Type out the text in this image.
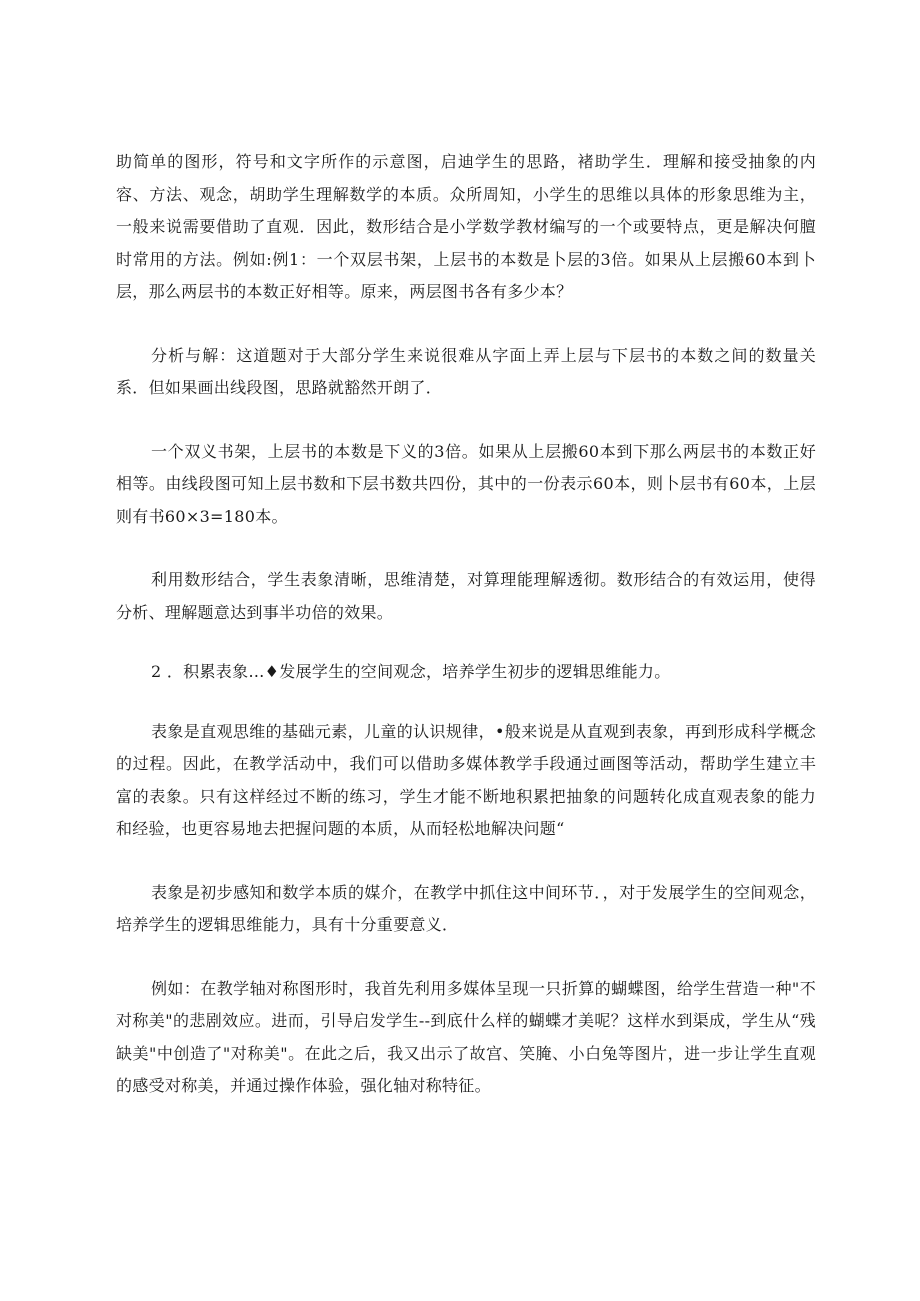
助简单的图形，符号和文字所作的示意图，启迪学生的思路，褚助学生．理解和接受抽象的内容、方法、观念，胡助学生理解数学的本质。众所周知，小学生的思维以具体的形象思维为主，一般来说需要借助了直观．因此，数形结合是小学数学教材编写的一个或要特点，更是解决何膻时常用的方法。例如:例1：一个双层书架，上层书的本数是卜层的3倍。如果从上层搬60本到卜层，那么两层书的本数正好相等。原来，两层图书各有多少本？

分析与解：这道题对于大部分学生来说很难从字面上弄上层与下层书的本数之间的数量关系．但如果画出线段图，思路就豁然开朗了．

一个双义书架，上层书的本数是下义的3倍。如果从上层搬60本到下那么两层书的本数正好相等。由线段图可知上层书数和下层书数共四份，其中的一份表示60本，则卜层书有60本，上层则有书60×3=180本。

利用数形结合，学生表象清晰，思维清楚，对算理能理解透彻。数形结合的有效运用，使得分析、理解题意达到事半功倍的效果。

2 ．积累表象…♦发展学生的空间观念，培养学生初步的逻辑思维能力。

表象是直观思维的基础元素，儿童的认识规律，•般来说是从直观到表象，再到形成科学概念的过程。因此，在教学活动中，我们可以借助多媒体教学手段通过画图等活动，帮助学生建立丰富的表象。只有这样经过不断的练习，学生才能不断地积累把抽象的问题转化成直观表象的能力和经验，也更容易地去把握问题的本质，从而轻松地解决问题“

表象是初步感知和数学本质的媒介，在教学中抓住这中间环节．，对于发展学生的空间观念，培养学生的逻辑思维能力，具有十分重要意义．

例如：在教学轴对称图形时，我首先利用多媒体呈现一只折算的蝴蝶图，给学生营造一种"不对称美"的悲剧效应。进而，引导启发学生--到底什么样的蝴蝶才美呢？这样水到渠成，学生从“残缺美"中创造了"对称美"。在此之后，我又出示了故宫、笑腌、小白兔等图片，进一步让学生直观的感受对称美，并通过操作体验，强化轴对称特征。
